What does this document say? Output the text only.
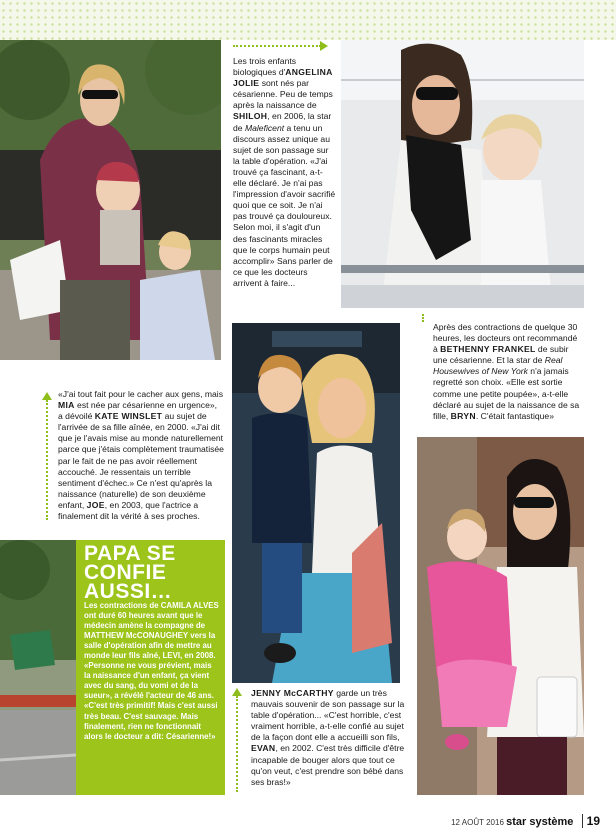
Les trois enfants biologiques d'ANGELINA JOLIE sont nés par césarienne. Peu de temps après la naissance de SHILOH, en 2006, la star de Maleficent a tenu un discours assez unique au sujet de son passage sur la table d'opération. «J'ai trouvé ça fascinant, a-t-elle déclaré. Je n'ai pas l'impression d'avoir sacrifié quoi que ce soit. Je n'ai pas trouvé ça douloureux. Selon moi, il s'agit d'un des fascinants miracles que le corps humain peut accomplir» Sans parler de ce que les docteurs arrivent à faire...
«J'ai tout fait pour le cacher aux gens, mais MIA est née par césarienne en urgence», a dévoilé KATE WINSLET au sujet de l'arrivée de sa fille aînée, en 2000. «J'ai dit que je l'avais mise au monde naturellement parce que j'étais complètement traumatisée par le fait de ne pas avoir réellement accouché. Je ressentais un terrible sentiment d'échec.» Ce n'est qu'après la naissance (naturelle) de son deuxième enfant, JOE, en 2003, que l'actrice a finalement dit la vérité à ses proches.
Après des contractions de quelque 30 heures, les docteurs ont recommandé à BETHENNY FRANKEL de subir une césarienne. Et la star de Real Housewives of New York n'a jamais regretté son choix. «Elle est sortie comme une petite poupée», a-t-elle déclaré au sujet de la naissance de sa fille, BRYN. C'était fantastique»
PAPA SE CONFIE AUSSI…
Les contractions de CAMILA ALVES ont duré 60 heures avant que le médecin amène la compagne de MATTHEW McCONAUGHEY vers la salle d'opération afin de mettre au monde leur fils aîné, LEVI, en 2008. «Personne ne vous prévient, mais la naissance d'un enfant, ça vient avec du sang, du vomi et de la sueur», a révélé l'acteur de 46 ans. «C'est très primitif! Mais c'est aussi très beau. C'est sauvage. Mais finalement, rien ne fonctionnait alors le docteur a dit: Césarienne!»
JENNY McCARTHY garde un très mauvais souvenir de son passage sur la table d'opération... «C'est horrible, c'est vraiment horrible, a-t-elle confié au sujet de la façon dont elle a accueilli son fils, EVAN, en 2002. C'est très difficile d'être incapable de bouger alors que tout ce qu'on veut, c'est prendre son bébé dans ses bras!»
12 AOÛT 2016 star système 19
